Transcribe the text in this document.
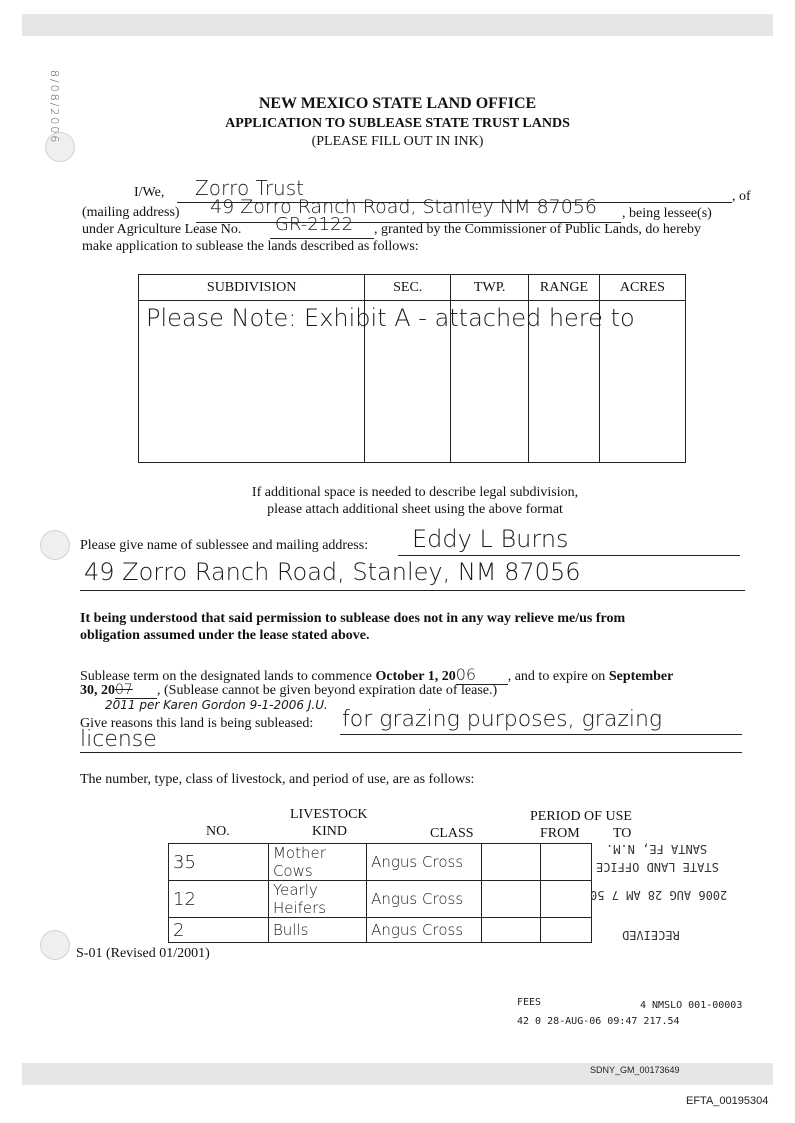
8/08/2006	NEW MEXICO STATE LAND OFFICE
APPLICATION TO SUBLEASE STATE TRUST LANDS
(PLEASE FILL OUT IN INK)
I/We, Zorro Trust	, of
(mailing address) 49 Zorro Ranch Road, Stanley NM 87056 , being lessee(s)
under Agriculture Lease No. GR-2122 , granted by the Commissioner of Public Lands, do hereby
make application to sublease the lands described as follows:
SUBDIVISION	SEC.	TWP.	RANGE	ACRES

Please Note: Exhibit A - attached here to
If additional space is needed to describe legal subdivision,
please attach additional sheet using the above format
Please give name of sublessee and mailing address: Eddy L Burns
49 Zorro Ranch Road, Stanley, NM 87056
It being understood that said permission to sublease does not in any way relieve me/us from
obligation assumed under the lease stated above.
Sublease term on the designated lands to commence October 1, 2006 , and to expire on September
30, 2007 , (Sublease cannot be given beyond expiration date of lease.)
2011 per Karen Gordon 9-1-2006 J.U.
Give reasons this land is being subleased: for grazing purposes, grazing
license
The number, type, class of livestock, and period of use, are as follows:
LIVESTOCK	PERIOD OF USE
NO.	KIND	CLASS	FROM TO
35	Mother Cows	Angus Cross		
12	Yearly Heifers	Angus Cross		
2	Bulls	Angus Cross		
SANTA FE, N.M.
STATE LAND OFFICE
2006 AUG 28 AM 7 50
RECEIVED
S-01 (Revised 01/2001)
FEES	4 NMSLO 001-00003
42 0 28-AUG-06 09:47 217.54
SDNY_GM_00173649
EFTA_00195304
